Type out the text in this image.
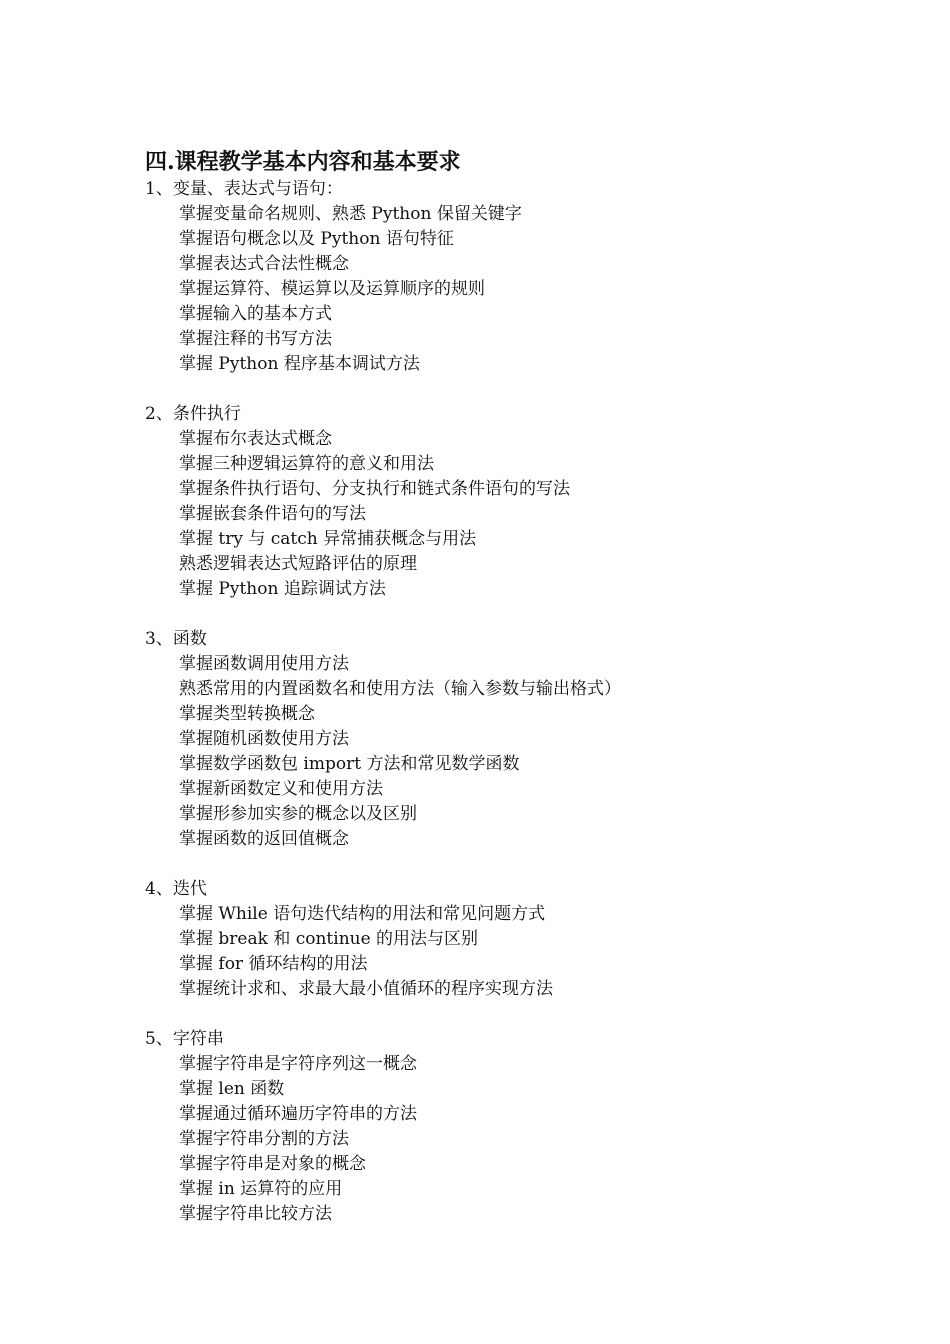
四.课程教学基本内容和基本要求
1、变量、表达式与语句：
掌握变量命名规则、熟悉 Python 保留关键字
掌握语句概念以及 Python 语句特征
掌握表达式合法性概念
掌握运算符、模运算以及运算顺序的规则
掌握输入的基本方式
掌握注释的书写方法
掌握 Python 程序基本调试方法
2、条件执行
掌握布尔表达式概念
掌握三种逻辑运算符的意义和用法
掌握条件执行语句、分支执行和链式条件语句的写法
掌握嵌套条件语句的写法
掌握 try 与 catch 异常捕获概念与用法
熟悉逻辑表达式短路评估的原理
掌握 Python 追踪调试方法
3、函数
掌握函数调用使用方法
熟悉常用的内置函数名和使用方法（输入参数与输出格式）
掌握类型转换概念
掌握随机函数使用方法
掌握数学函数包 import 方法和常见数学函数
掌握新函数定义和使用方法
掌握形参加实参的概念以及区别
掌握函数的返回值概念
4、迭代
掌握 While 语句迭代结构的用法和常见问题方式
掌握 break 和 continue 的用法与区别
掌握 for 循环结构的用法
掌握统计求和、求最大最小值循环的程序实现方法
5、字符串
掌握字符串是字符序列这一概念
掌握 len 函数
掌握通过循环遍历字符串的方法
掌握字符串分割的方法
掌握字符串是对象的概念
掌握 in 运算符的应用
掌握字符串比较方法
